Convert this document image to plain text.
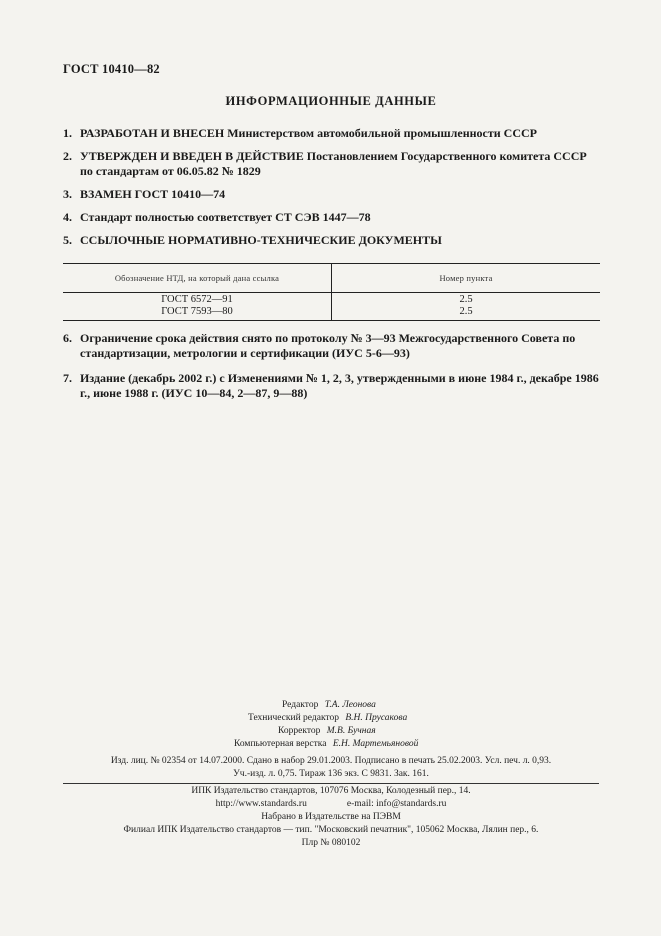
ГОСТ 10410—82
ИНФОРМАЦИОННЫЕ ДАННЫЕ
1. РАЗРАБОТАН И ВНЕСЕН Министерством автомобильной промышленности СССР
2. УТВЕРЖДЕН И ВВЕДЕН В ДЕЙСТВИЕ Постановлением Государственного комитета СССР по стандартам от 06.05.82 № 1829
3. ВЗАМЕН ГОСТ 10410—74
4. Стандарт полностью соответствует СТ СЭВ 1447—78
5. ССЫЛОЧНЫЕ НОРМАТИВНО-ТЕХНИЧЕСКИЕ ДОКУМЕНТЫ
Обозначение НТД, на который дана ссылка	Номер пункта
ГОСТ 6572—91
ГОСТ 7593—80
2.5
2.5
6. Ограничение срока действия снято по протоколу № 3—93 Межгосударственного Совета по стандартизации, метрологии и сертификации (ИУС 5-6—93)
7. Издание (декабрь 2002 г.) с Изменениями № 1, 2, 3, утвержденными в июне 1984 г., декабре 1986 г., июне 1988 г. (ИУС 10—84, 2—87, 9—88)
Редактор Т.А. Леонова
Технический редактор В.Н. Прусакова
Корректор М.В. Бучная
Компьютерная верстка Е.Н. Мартемьяновой
Изд. лиц. № 02354 от 14.07.2000. Сдано в набор 29.01.2003. Подписано в печать 25.02.2003. Усл. печ. л. 0,93.
Уч.-изд. л. 0,75. Тираж 136 экз. С 9831. Зак. 161.
ИПК Издательство стандартов, 107076 Москва, Колодезный пер., 14.
http://www.standards.ru	e-mail: info@standards.ru
Набрано в Издательстве на ПЭВМ
Филиал ИПК Издательство стандартов — тип. "Московский печатник", 105062 Москва, Лялин пер., 6.
Плр № 080102
